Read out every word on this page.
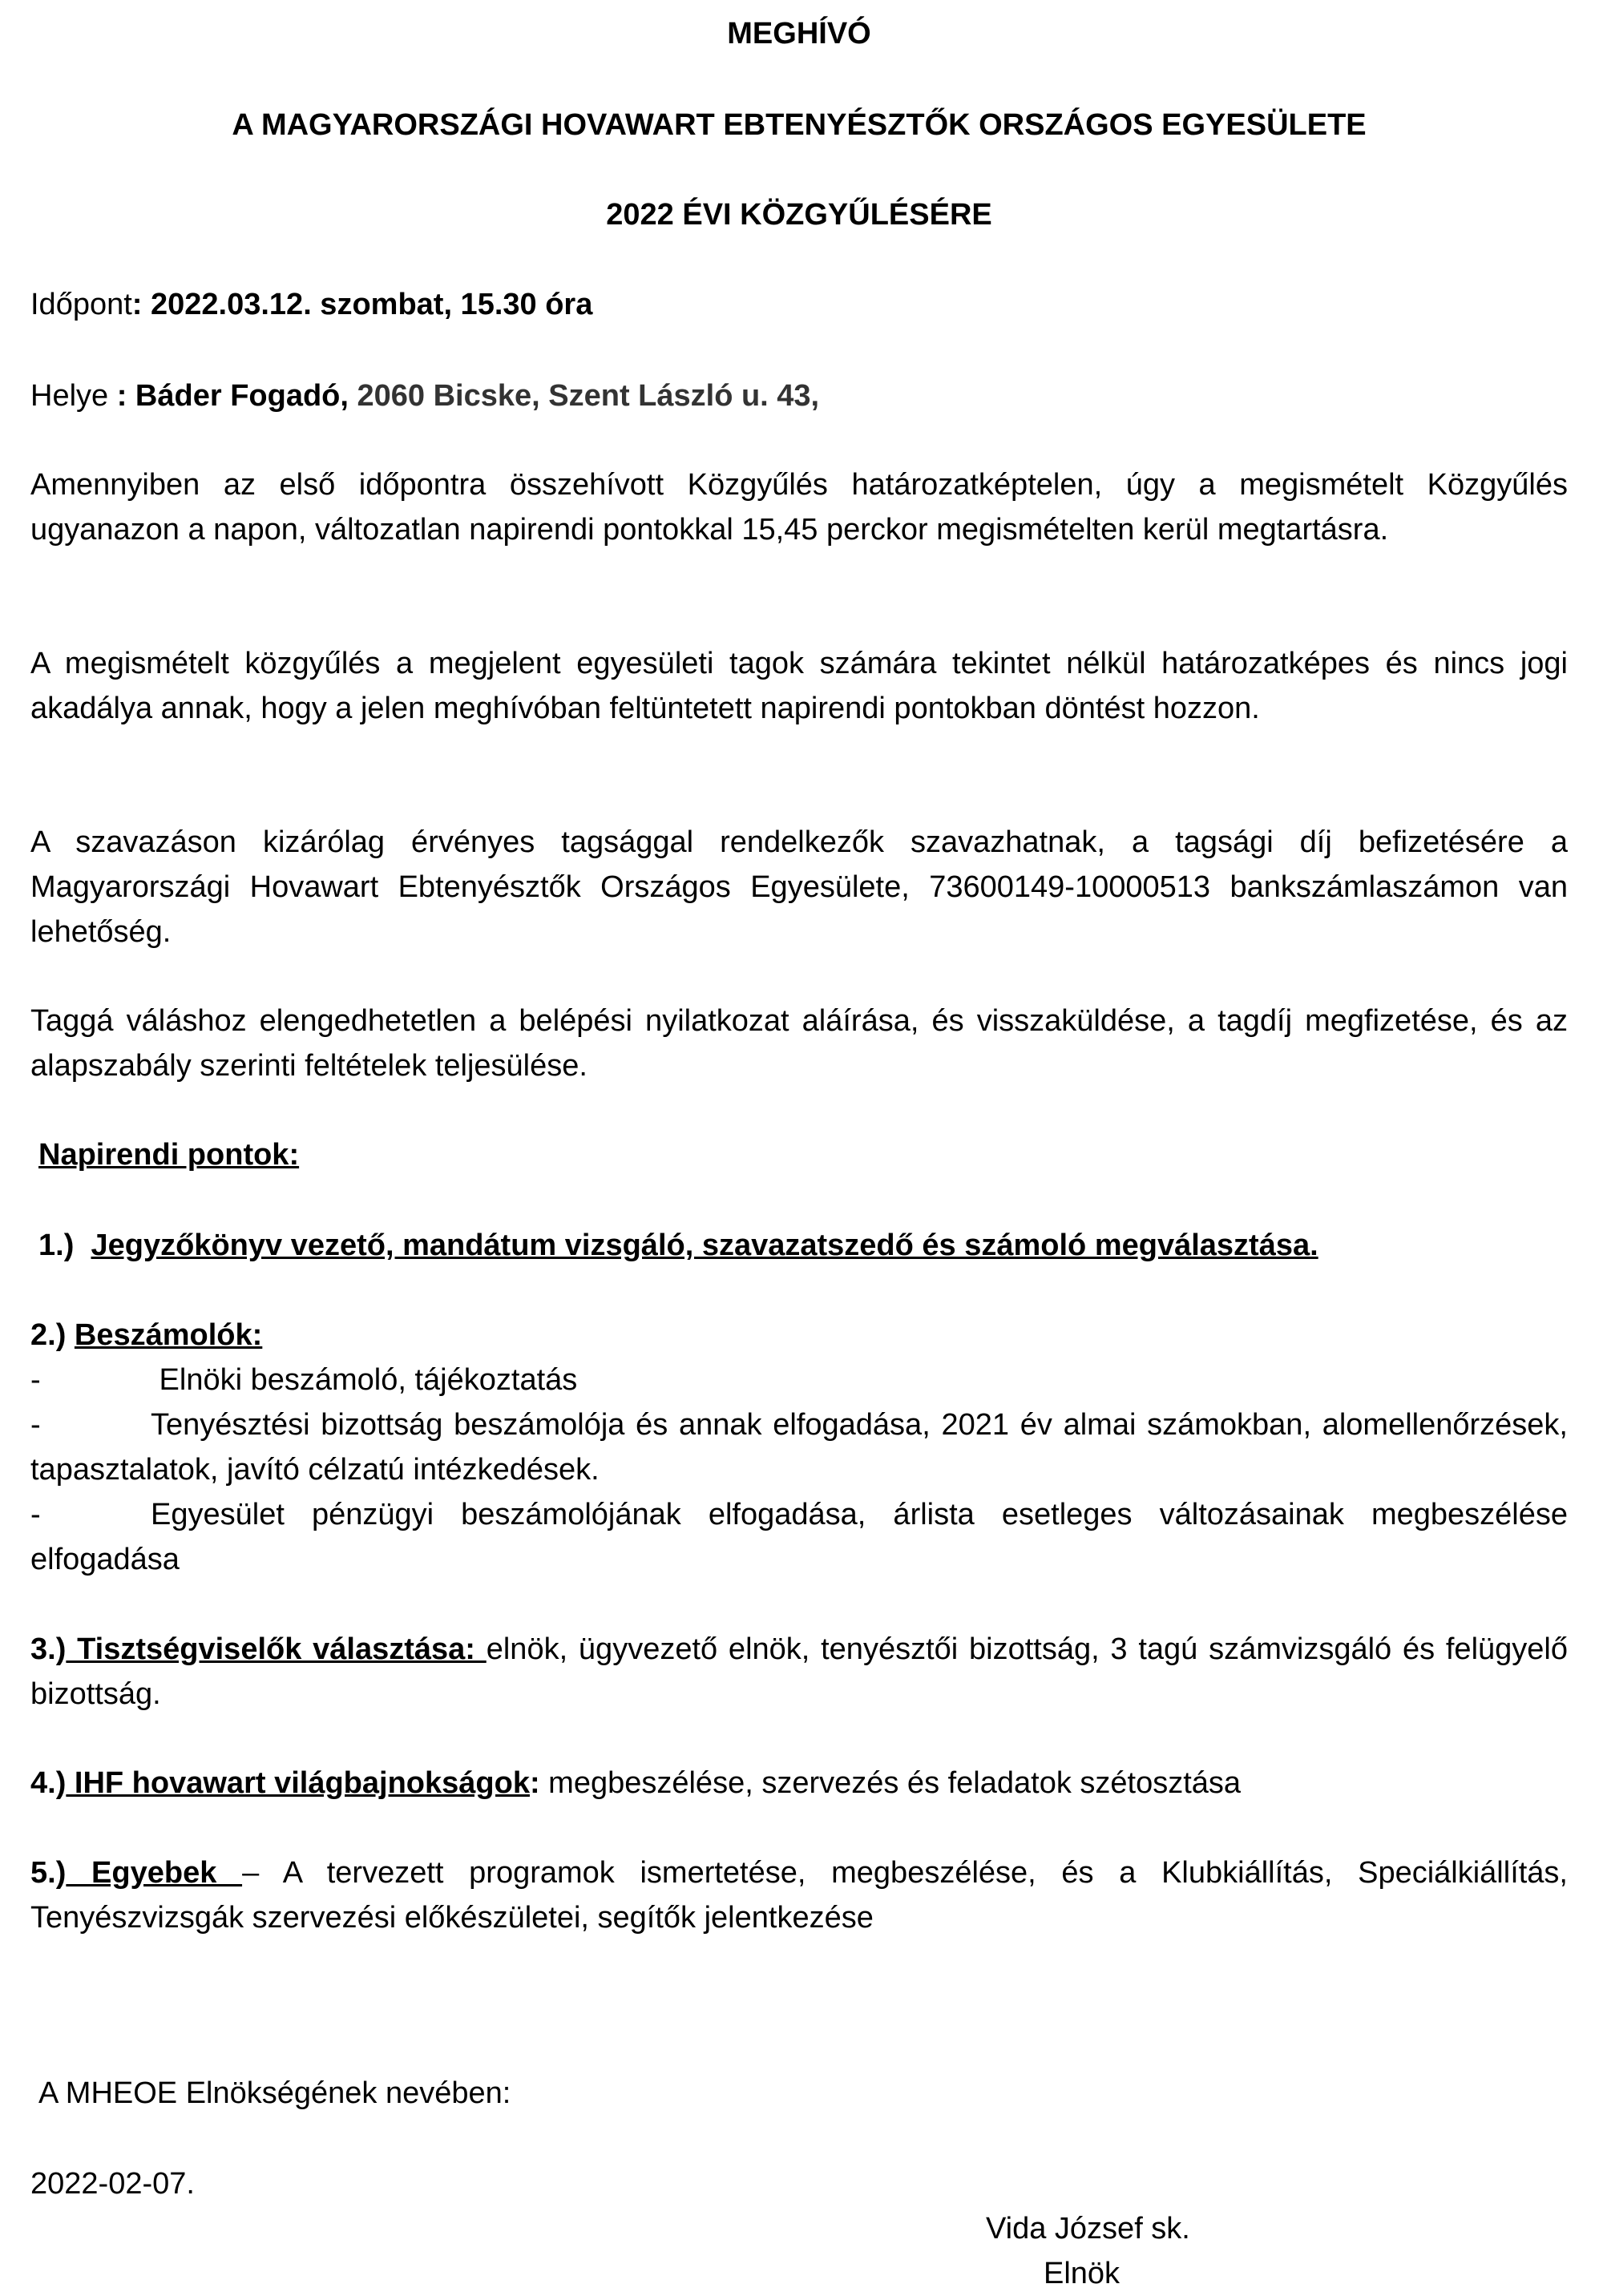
MEGHÍVÓ
A MAGYARORSZÁGI HOVAWART EBTENYÉSZTŐK ORSZÁGOS EGYESÜLETE
2022 ÉVI KÖZGYŰLÉSÉRE
Időpont: 2022.03.12. szombat, 15.30 óra
Helye : Báder Fogadó, 2060 Bicske, Szent László u. 43,
Amennyiben az első időpontra összehívott Közgyűlés határozatképtelen, úgy a megismételt Közgyűlés ugyanazon a napon, változatlan napirendi pontokkal 15,45 perckor megismételten kerül megtartásra.
A megismételt közgyűlés a megjelent egyesületi tagok számára tekintet nélkül határozatképes és nincs jogi akadálya annak, hogy a jelen meghívóban feltüntetett napirendi pontokban döntést hozzon.
A szavazáson kizárólag érvényes tagsággal rendelkezők szavazhatnak, a tagsági díj befizetésére a Magyarországi Hovawart Ebtenyésztők Országos Egyesülete, 73600149-10000513 bankszámlaszámon van lehetőség.
Taggá váláshoz elengedhetetlen a belépési nyilatkozat aláírása, és visszaküldése, a tagdíj megfizetése, és az alapszabály szerinti feltételek teljesülése.
Napirendi pontok:
1.) Jegyzőkönyv vezető, mandátum vizsgáló, szavazatszedő és számoló megválasztása.
2.) Beszámolók:
-	Elnöki beszámoló, tájékoztatás
-	Tenyésztési bizottság beszámolója és annak elfogadása, 2021 év almai számokban, alomellenőrzések, tapasztalatok, javító célzatú intézkedések.
-	Egyesület pénzügyi beszámolójának elfogadása, árlista esetleges változásainak megbeszélése elfogadása
3.) Tisztségviselők választása: elnök, ügyvezető elnök, tenyésztői bizottság, 3 tagú számvizsgáló és felügyelő bizottság.
4.) IHF hovawart világbajnokságok: megbeszélése, szervezés és feladatok szétosztása
5.) Egyebek – A tervezett programok ismertetése, megbeszélése, és a Klubkiállítás, Speciálkiállítás, Tenyészvizsgák szervezési előkészületei, segítők jelentkezése
A MHEOE Elnökségének nevében:
2022-02-07.
Vida József sk.
Elnök
